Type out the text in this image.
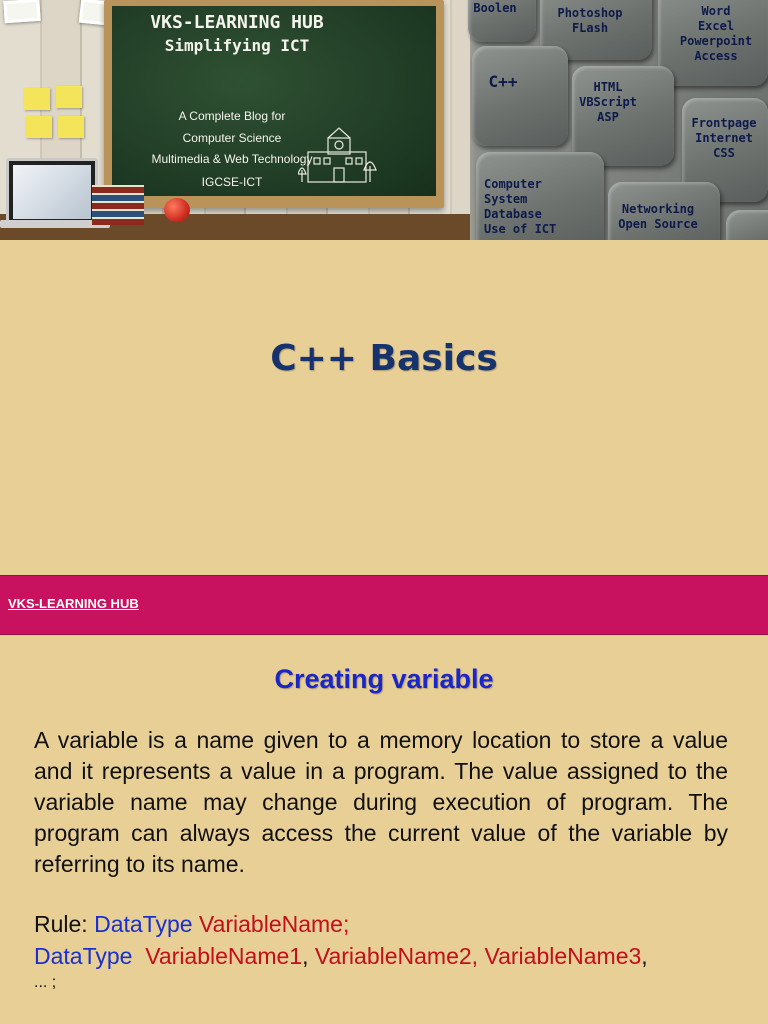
VKS-LEARNING HUB
Simplifying ICT
A Complete Blog for
Computer Science
Multimedia & Web Technology
IGCSE-ICT
Boolen	Photoshop
FLash
Word
Excel
Powerpoint
Access
C++	HTML
VBScript
ASP	Frontpage
Internet
CSS
Computer System
Database
Use of ICT
Networking
Open Source
C++ Basics
VKS-LEARNING HUB
Creating variable
A variable is a name given to a memory location to store a value and it represents a value in a program. The value assigned to the variable name may change during execution of program. The program can always access the current value of the variable by referring to its name.
Rule: DataType VariableName;
DataType VariableName1, VariableName2, VariableName3,
... ;
